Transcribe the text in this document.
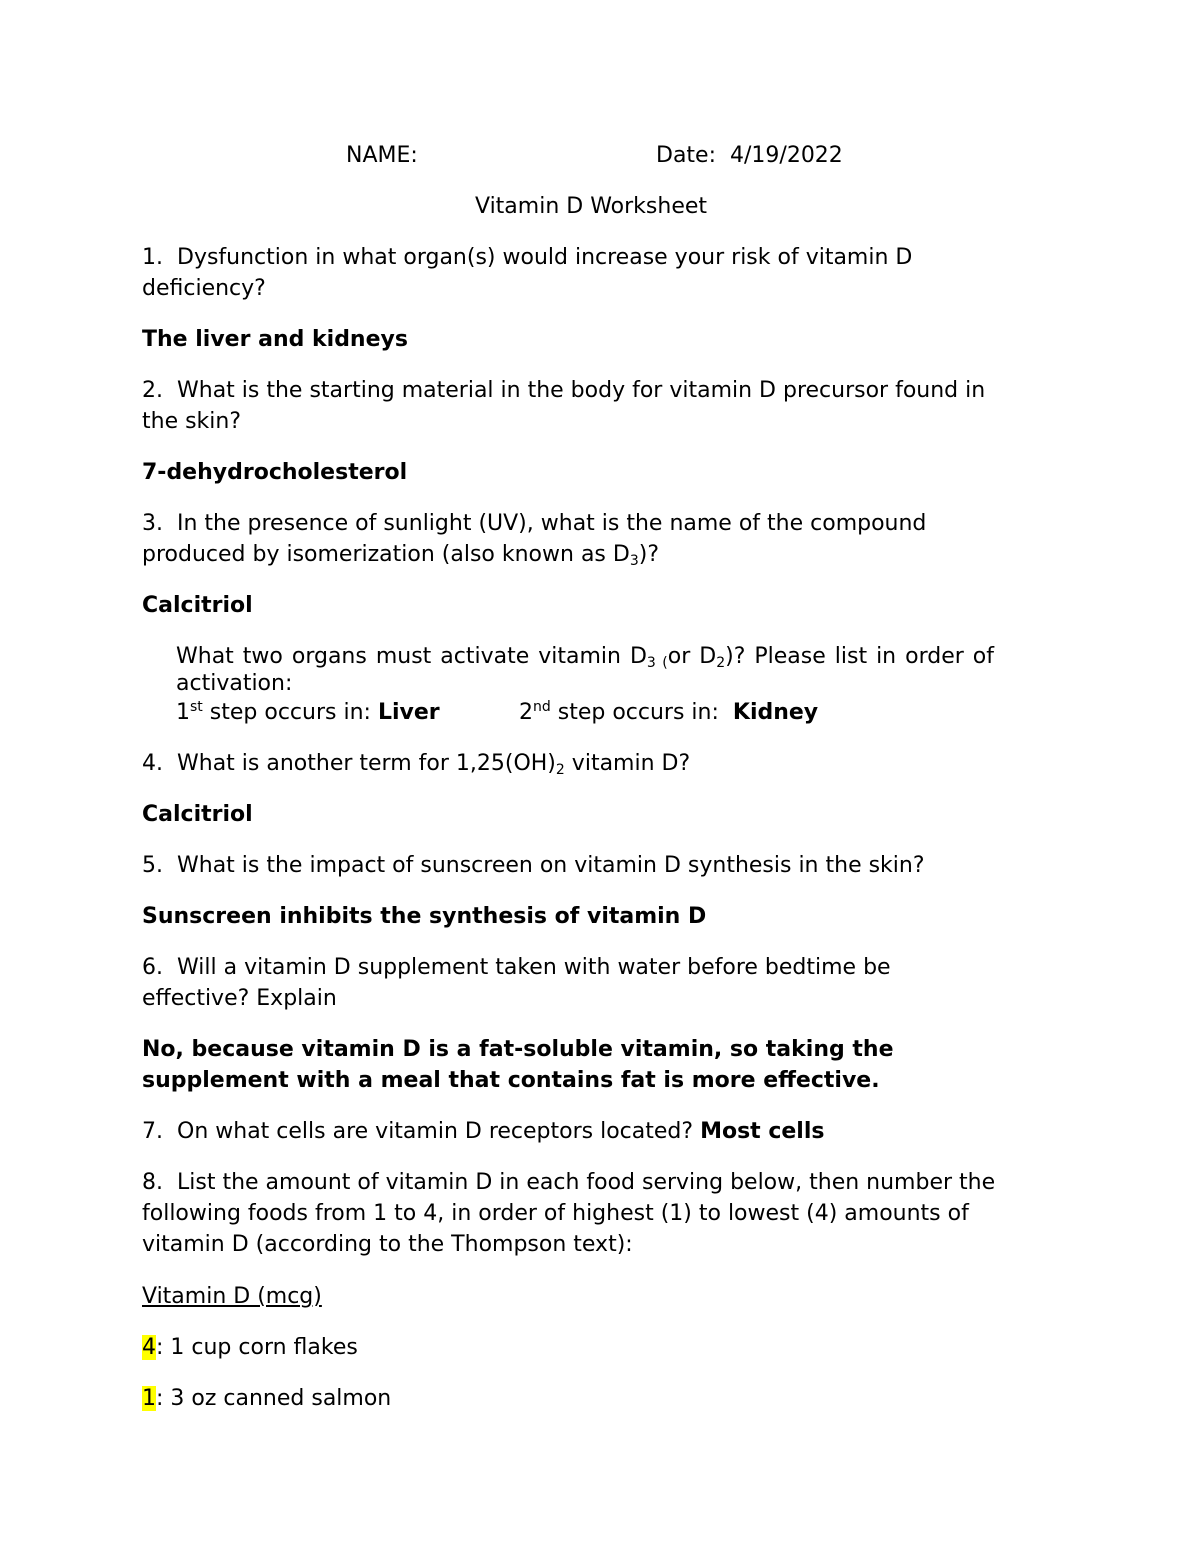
NAME:	Date: 4/19/2022
Vitamin D Worksheet
1. Dysfunction in what organ(s) would increase your risk of vitamin D
deficiency?
The liver and kidneys
2. What is the starting material in the body for vitamin D precursor found in
the skin?
7-dehydrocholesterol
3. In the presence of sunlight (UV), what is the name of the compound
produced by isomerization (also known as $D_3$)?
Calcitriol
What two organs must activate vitamin $D_{3 (}or$ $D_2$)? Please list in order of
activation:
1st step occurs in: Liver	2nd step occurs in:  Kidney
4. What is another term for $1,25(OH)_2$ vitamin D?
Calcitriol
5. What is the impact of sunscreen on vitamin D synthesis in the skin?
Sunscreen inhibits the synthesis of vitamin D
6. Will a vitamin D supplement taken with water before bedtime be
effective? Explain
No, because vitamin D is a fat-soluble vitamin, so taking the
supplement with a meal that contains fat is more effective.
7. On what cells are vitamin D receptors located? Most cells
8. List the amount of vitamin D in each food serving below, then number the
following foods from 1 to 4, in order of highest (1) to lowest (4) amounts of
vitamin D (according to the Thompson text):
Vitamin D (mcg)
4: 1 cup corn flakes
1: 3 oz canned salmon
